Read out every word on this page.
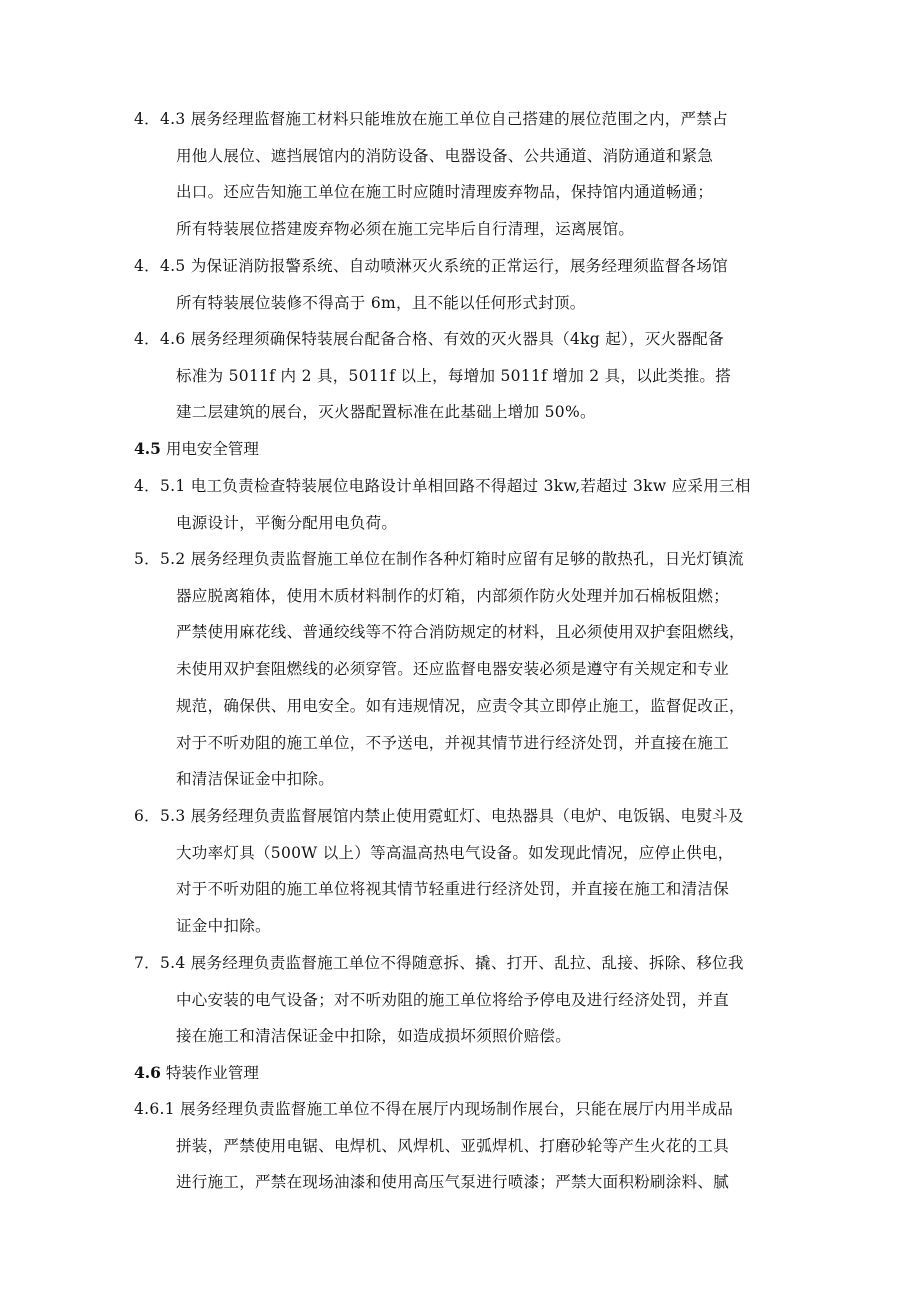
4．4.3 展务经理监督施工材料只能堆放在施工单位自己搭建的展位范围之内，严禁占

用他人展位、遮挡展馆内的消防设备、电器设备、公共通道、消防通道和紧急

出口。还应告知施工单位在施工时应随时清理废弃物品，保持馆内通道畅通；

所有特装展位搭建废弃物必须在施工完毕后自行清理，运离展馆。

4．4.5 为保证消防报警系统、自动喷淋灭火系统的正常运行，展务经理须监督各场馆

所有特装展位装修不得高于 6m，且不能以任何形式封顶。

4．4.6 展务经理须确保特装展台配备合格、有效的灭火器具（4kg 起），灭火器配备

标准为 5011f 内 2 具，5011f 以上，每增加 5011f 增加 2 具，以此类推。搭

建二层建筑的展台，灭火器配置标准在此基础上增加 50%。

4.5 用电安全管理

4．5.1 电工负责检查特装展位电路设计单相回路不得超过 3kw,若超过 3kw 应采用三相

电源设计，平衡分配用电负荷。

5．5.2 展务经理负责监督施工单位在制作各种灯箱时应留有足够的散热孔，日光灯镇流

器应脱离箱体，使用木质材料制作的灯箱，内部须作防火处理并加石棉板阻燃；

严禁使用麻花线、普通绞线等不符合消防规定的材料，且必须使用双护套阻燃线，

未使用双护套阻燃线的必须穿管。还应监督电器安装必须是遵守有关规定和专业

规范，确保供、用电安全。如有违规情况，应责令其立即停止施工，监督促改正，

对于不听劝阻的施工单位，不予送电，并视其情节进行经济处罚，并直接在施工

和清洁保证金中扣除。

6．5.3 展务经理负责监督展馆内禁止使用霓虹灯、电热器具（电炉、电饭锅、电熨斗及

大功率灯具（500W 以上）等高温高热电气设备。如发现此情况，应停止供电，

对于不听劝阻的施工单位将视其情节轻重进行经济处罚，并直接在施工和清洁保

证金中扣除。

7．5.4 展务经理负责监督施工单位不得随意拆、撬、打开、乱拉、乱接、拆除、移位我

中心安装的电气设备；对不听劝阻的施工单位将给予停电及进行经济处罚，并直

接在施工和清洁保证金中扣除，如造成损坏须照价赔偿。

4.6 特装作业管理

4.6.1 展务经理负责监督施工单位不得在展厅内现场制作展台，只能在展厅内用半成品

拼装，严禁使用电锯、电焊机、风焊机、亚弧焊机、打磨砂轮等产生火花的工具

进行施工，严禁在现场油漆和使用高压气泵进行喷漆；严禁大面积粉刷涂料、腻
